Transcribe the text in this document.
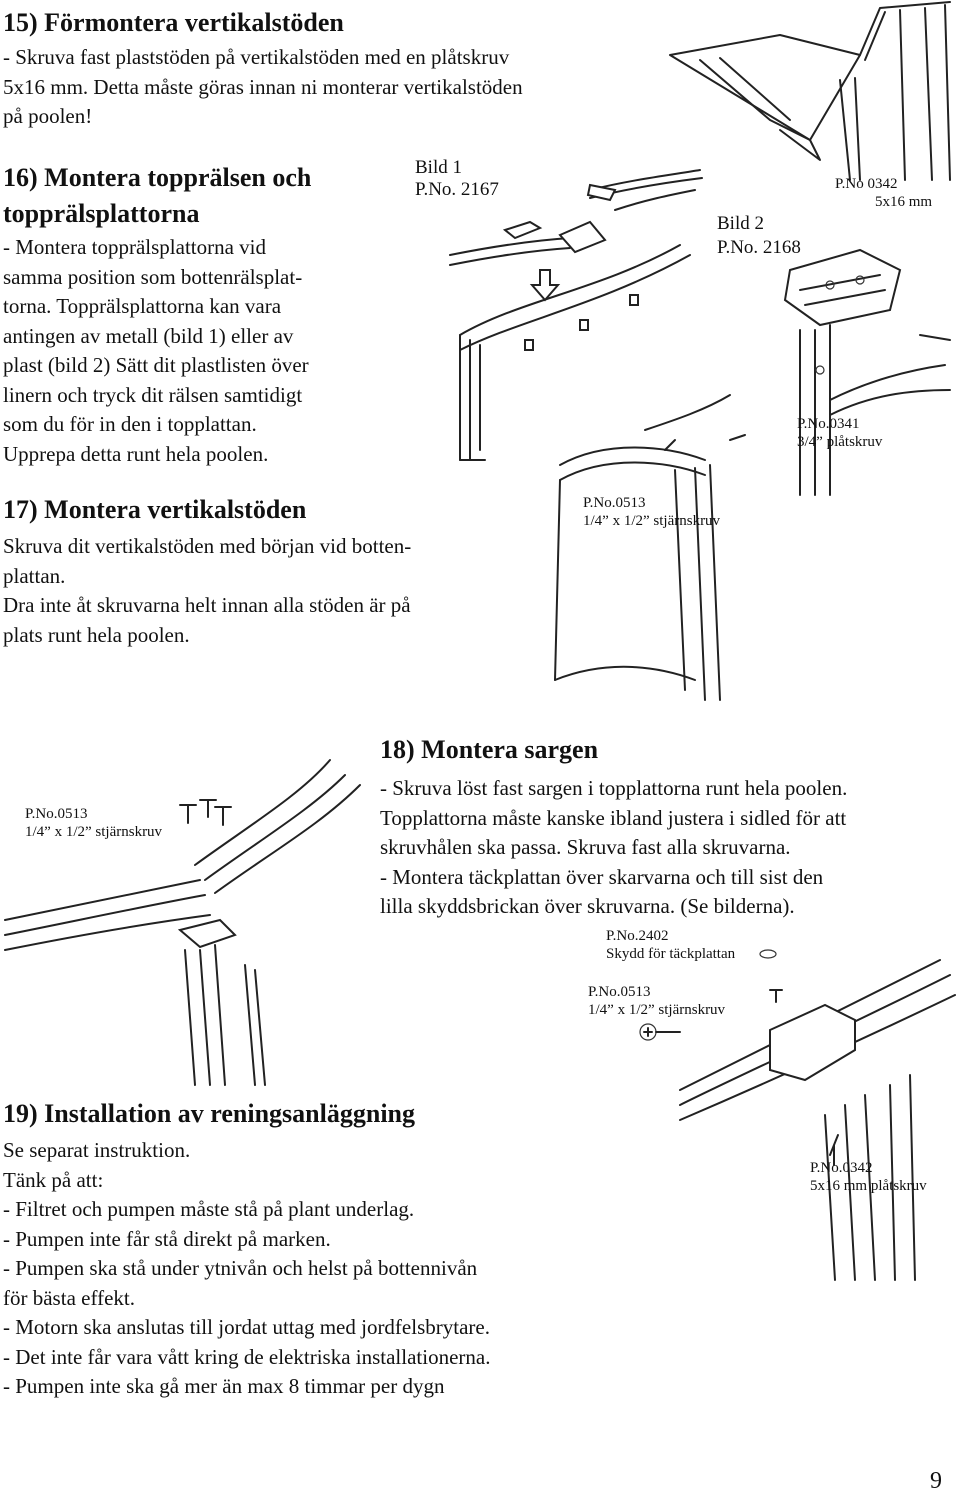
15) Förmontera vertikalstöden
- Skruva fast plaststöden på vertikalstöden med en plåtskruv
5x16 mm. Detta måste göras innan ni monterar vertikalstöden
på poolen!
16) Montera topprälsen och
topprälsplattorna
- Montera topprälsplattorna vid
samma position som bottenrälsplat-
torna. Topprälsplattorna kan vara
antingen av metall (bild 1) eller av
plast (bild 2) Sätt dit plastlisten över
linern och tryck dit rälsen samtidigt
som du för in den i topplattan.
Upprepa detta runt hela poolen.
17) Montera vertikalstöden
Skruva dit vertikalstöden med början vid botten-
plattan.
Dra inte åt skruvarna helt innan alla stöden är på
plats runt hela poolen.
18) Montera sargen
- Skruva löst fast sargen i topplattorna runt hela poolen.
Topplattorna måste kanske ibland justera i sidled för att
skruvhålen ska passa. Skruva fast alla skruvarna.
- Montera täckplattan över skarvarna och till sist den
lilla skyddsbrickan över skruvarna. (Se bilderna).
19) Installation av reningsanläggning
Se separat instruktion.
Tänk på att:
- Filtret och pumpen måste stå på plant underlag.
- Pumpen inte får stå direkt på marken.
- Pumpen ska stå under ytnivån och helst på bottennivån
för bästa effekt.
- Motorn ska anslutas till jordat uttag med jordfelsbrytare.
- Det inte får vara vått kring de elektriska installationerna.
- Pumpen inte ska gå mer än max 8 timmar per dygn
Bild 1
P.No. 2167
Bild 2
P.No. 2168
P.No 0342
5x16 mm
P.No.0341
3/4” plåtskruv
P.No.0513
1/4” x 1/2” stjärnskruv
P.No.0513
1/4” x 1/2” stjärnskruv
P.No.2402
Skydd för täckplattan
P.No.0513
1/4” x 1/2” stjärnskruv
P.No.0342
5x16 mm plåtskruv
9
